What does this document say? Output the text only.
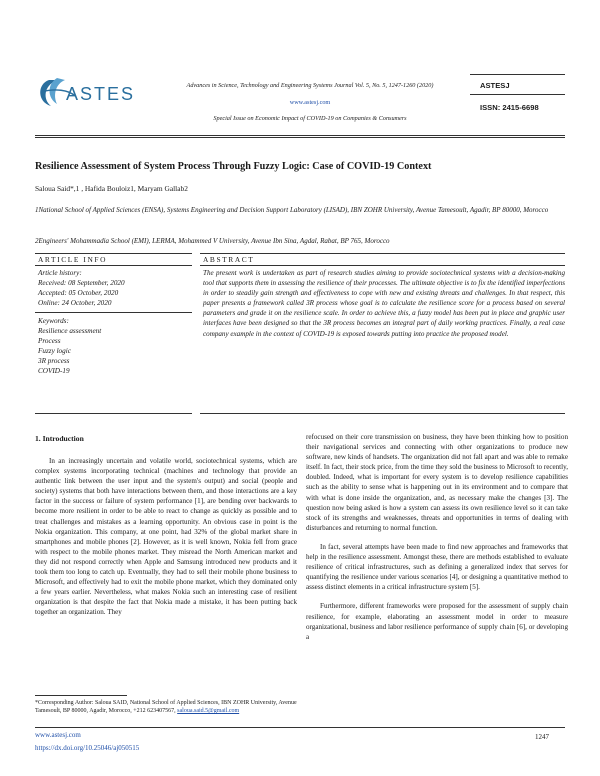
ASTES	Advances in Science, Technology and Engineering Systems Journal Vol. 5, No. 5, 1247-1260 (2020)
www.astesj.com
Special Issue on Economic Impact of COVID-19 on Companies & Consumers
ASTESJ
ISSN: 2415-6698
Resilience Assessment of System Process Through Fuzzy Logic: Case of COVID-19 Context
Saloua Said*,1 , Hafida Bouloiz1, Maryam Gallab2
1National School of Applied Sciences (ENSA), Systems Engineering and Decision Support Laboratory (LISAD), IBN ZOHR University, Avenue Tamesoult, Agadir, BP 80000, Morocco
2Engineers' Mohammadia School (EMI), LERMA, Mohammed V University, Avenue Ibn Sina, Agdal, Rabat, BP 765, Morocco
ARTICLE INFO	ABSTRACT
Article history:
Received: 08 September, 2020
Accepted: 05 October, 2020
Online: 24 October, 2020
Keywords:
Resilience assessment
Process
Fuzzy logic
3R process
COVID-19
The present work is undertaken as part of research studies aiming to provide sociotechnical systems with a decision-making tool that supports them in assessing the resilience of their processes. The ultimate objective is to fix the identified imperfections in order to steadily gain strength and effectiveness to cope with new and existing threats and challenges. In that respect, this paper presents a framework called 3R process whose goal is to calculate the resilience score for a process based on several parameters and grade it on the resilience scale. In order to achieve this, a fuzzy model has been put in place and graphic user interfaces have been designed so that the 3R process becomes an integral part of daily working practices. Finally, a real case company example in the context of COVID-19 is exposed towards putting into practice the proposed model.
1. Introduction

In an increasingly uncertain and volatile world, sociotechnical systems, which are complex systems incorporating technical (machines and technology that provide an authentic link between the user input and the system's output) and social (people and society) systems that both have interactions between them, and those interactions are a key factor in the success or failure of system performance [1], are bending over backwards to become more resilient in order to be able to react to change as quickly as possible and to treat challenges and mistakes as a learning opportunity. An obvious case in point is the Nokia organization. This company, at one point, had 32% of the global market share in smartphones and mobile phones [2]. However, as it is well known, Nokia fell from grace with respect to the mobile phones market. They misread the North American market and they did not respond correctly when Apple and Samsung introduced new products and it took them too long to catch up. Eventually, they had to sell their mobile phone business to Microsoft, and effectively had to exit the mobile phone market, which they dominated only a few years earlier. Nevertheless, what makes Nokia such an interesting case of resilient organization is that despite the fact that Nokia made a mistake, it has been putting back together an organization. They

refocused on their core transmission on business, they have been thinking how to position their navigational services and connecting with other organizations to produce new software, new kinds of handsets. The organization did not fall apart and was able to remake itself. In fact, their stock price, from the time they sold the business to Microsoft to recently, doubled. Indeed, what is important for every system is to develop resilience capabilities such as the ability to sense what is happening out in its environment and to compare that with what is done inside the organization, and, as necessary make the changes [3]. The question now being asked is how a system can assess its own resilience level so it can take stock of its strengths and weaknesses, threats and opportunities in terms of dealing with disturbances and returning to normal function.

In fact, several attempts have been made to find new approaches and frameworks that help in the resilience assessment. Amongst these, there are methods established to evaluate resilience of critical infrastructures, such as defining a generalized index that serves for quantifying the resilience under various scenarios [4], or designing a quantitative method to assess distinct elements in a critical infrastructure system [5].

Furthermore, different frameworks were proposed for the assessment of supply chain resilience, for example, elaborating an assessment model in order to measure organizational, business and labor resilience performance of supply chain [6], or developing a

*Corresponding Author: Saloua SAID, National School of Applied Sciences, IBN ZOHR University, Avenue Tamesoult, BP 80000, Agadir, Morocco, +212 623407567, saloua.said.5@gmail.com
www.astesj.com
https://dx.doi.org/10.25046/aj050515
1247
